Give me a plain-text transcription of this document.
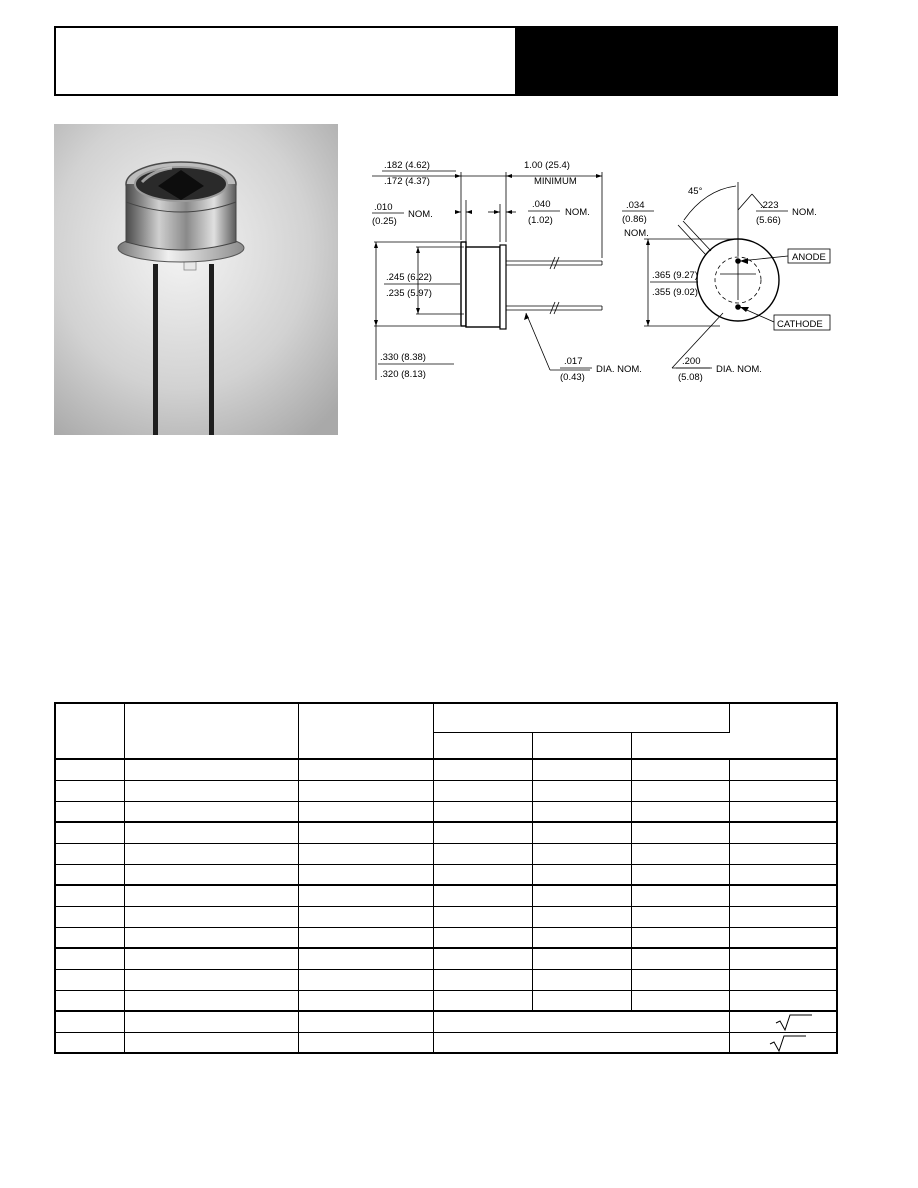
.182 (4.62)
.172 (4.37)
1.00 (25.4)
MINIMUM
.010
(0.25)
NOM.
.040
(1.02)
NOM.
.245 (6.22)
.235 (5.97)
.330 (8.38)
.320 (8.13)
.017
(0.43)
DIA. NOM.
.034
(0.86)
NOM.
45°
.223
(5.66)
NOM.
.365 (9.27)
.355 (9.02)
.200
(5.08)
DIA. NOM.
ANODE
CATHODE
